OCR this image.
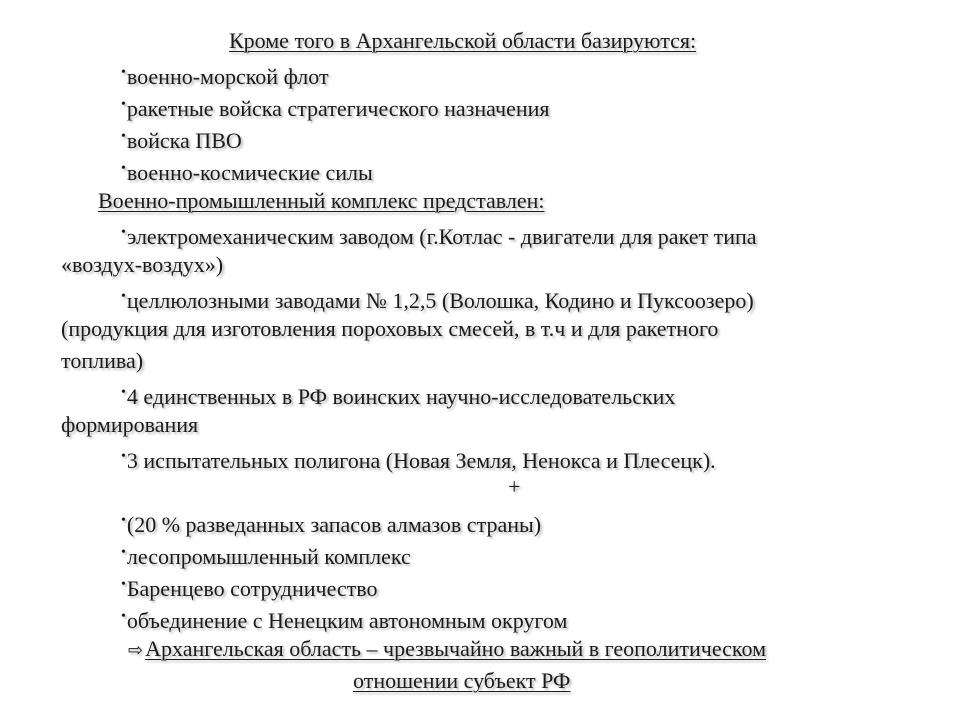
Кроме того в Архангельской области базируются:
•военно-морской флот
•ракетные войска стратегического назначения
•войска ПВО
•военно-космические силы
Военно-промышленный комплекс представлен:
•электромеханическим заводом (г.Котлас - двигатели для ракет типа
«воздух-воздух»)
•целлюлозными заводами № 1,2,5 (Волошка, Кодино и Пуксоозеро)
(продукция для изготовления пороховых смесей, в т.ч и для ракетного
топлива)
•4 единственных в РФ воинских научно-исследовательских
формирования
•3 испытательных полигона (Новая Земля, Ненокса и Плесецк).
+
•(20 % разведанных запасов алмазов страны)
•лесопромышленный комплекс
•Баренцево сотрудничество
•объединение с Ненецким автономным округом
⇨Архангельская область – чрезвычайно важный в геополитическом
отношении субъект РФ
